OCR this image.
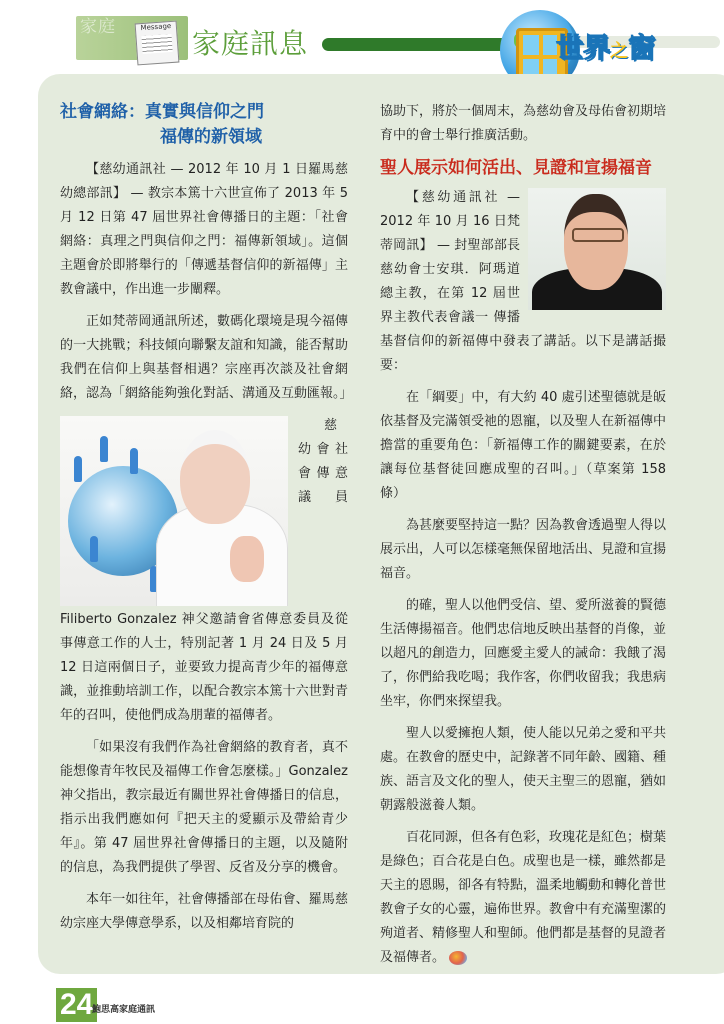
家庭	Message 家庭訊息	世界之窗
社會網絡：真實與信仰之門
福傳的新領域

【慈幼通訊社 — 2012 年 10 月 1 日羅馬慈幼總部訊】 — 教宗本篤十六世宣佈了 2013 年 5 月 12 日第 47 屆世界社會傳播日的主題：「社會網絡：真理之門與信仰之門：福傳新領域」。這個主題會於即將舉行的「傳遞基督信仰的新福傳」主教會議中，作出進一步闡釋。

正如梵蒂岡通訊所述，數碼化環境是現今福傳的一大挑戰；科技傾向聯繫友誼和知識，能否幫助我們在信仰上與基督相遇？宗座再次談及社會網絡，認為「網絡能夠強化對話、溝通及互動匯報。」

慈幼會社會傳意議員 Filiberto Gonzalez 神父邀請會省傳意委員及從事傳意工作的人士，特別記著 1 月 24 日及 5 月 12 日這兩個日子，並要致力提高青少年的福傳意識，並推動培訓工作，以配合教宗本篤十六世對青年的召叫，使他們成為朋輩的福傳者。

「如果沒有我們作為社會網絡的教育者，真不能想像青年牧民及福傳工作會怎麼樣。」Gonzalez 神父指出，教宗最近有關世界社會傳播日的信息，指示出我們應如何『把天主的愛顯示及帶給青少年』。第 47 屆世界社會傳播日的主題，以及隨附的信息，為我們提供了學習、反省及分享的機會。

本年一如往年，社會傳播部在母佑會、羅馬慈幼宗座大學傳意學系，以及相鄰培育院的

協助下，將於一個周末，為慈幼會及母佑會初期培育中的會士舉行推廣活動。

聖人展示如何活出、見證和宣揚福音

【慈幼通訊社 — 2012 年 10 月 16 日梵蒂岡訊】 — 封聖部部長慈幼會士安琪．阿瑪道總主教，在第 12 屆世界主教代表會議一 傳播基督信仰的新福傳中發表了講話。以下是講話撮要：

在「綱要」中，有大約 40 處引述聖德就是皈依基督及完滿領受祂的恩寵，以及聖人在新福傳中擔當的重要角色：「新福傳工作的關鍵要素，在於讓每位基督徒回應成聖的召叫。」（草案第 158 條）

為甚麼要堅持這一點？因為教會透過聖人得以展示出，人可以怎樣毫無保留地活出、見證和宣揚福音。

的確，聖人以他們受信、望、愛所滋養的賢德生活傳揚福音。他們忠信地反映出基督的肖像，並以超凡的創造力，回應愛主愛人的誡命：我餓了渴了，你們給我吃喝；我作客，你們收留我；我患病坐牢，你們來探望我。

聖人以愛擁抱人類，使人能以兄弟之愛和平共處。在教會的歷史中，記錄著不同年齡、國籍、種族、語言及文化的聖人，使天主聖三的恩寵，猶如朝露般滋養人類。

百花同源，但各有色彩，玫瑰花是紅色；樹葉是綠色；百合花是白色。成聖也是一樣，雖然都是天主的恩賜，卻各有特點，溫柔地觸動和轉化普世教會子女的心靈，遍佈世界。教會中有充滿聖潔的殉道者、精修聖人和聖師。他們都是基督的見證者及福傳者。

24
鮑思高家庭通訊
